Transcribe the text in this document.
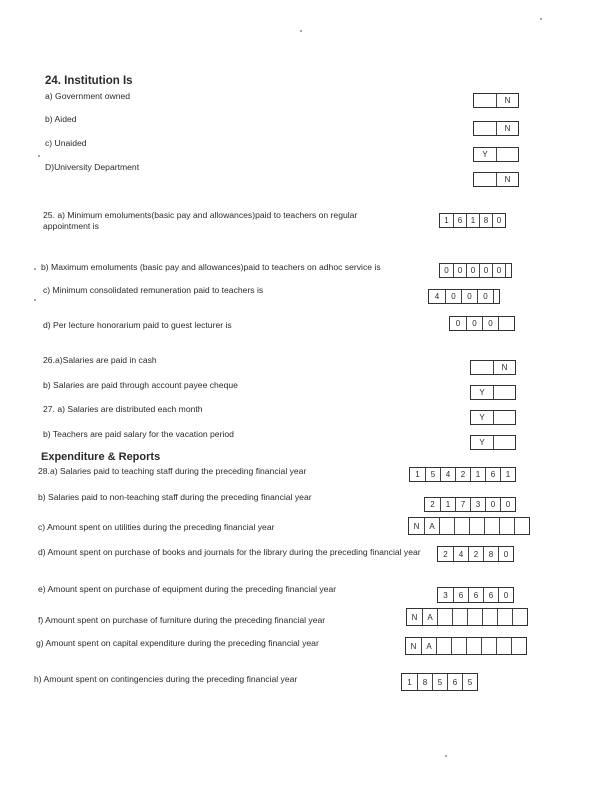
24. Institution Is
a) Government owned	N
b) Aided
N
c) Unaided
Y
D)University Department
N
25. a) Minimum emoluments(basic pay and allowances)paid to teachers on regular appointment is
1	6	1	8	0
b) Maximum emoluments (basic pay and allowances)paid to teachers on adhoc service is	0	0	0	0	0
c) Minimum consolidated remuneration paid to teachers is
4	0	0	0
d) Per lecture honorarium paid to guest lecturer is	0	0	0
26.a)Salaries are paid in cash
N
b) Salaries are paid through account payee cheque
Y
27. a) Salaries are distributed each month
Y
b) Teachers are paid salary for the vacation period
Y
Expenditure & Reports
28.a) Salaries paid to teaching staff during the preceding financial year	1	5	4	2	1	6	1
b) Salaries paid to non-teaching staff during the preceding financial year
2	1	7	3	0	0
c) Amount spent on utilities during the preceding financial year	N	A
d) Amount spent on purchase of books and journals for the library during the preceding financial year	2	4	2	8	0
e) Amount spent on purchase of equipment during the preceding financial year
3	6	6	6	0
f) Amount spent on purchase of furniture during the preceding financial year	N	A
g) Amount spent on capital expenditure during the preceding financial year	N	A
h) Amount spent on contingencies during the preceding financial year	1	8	5	6	5
